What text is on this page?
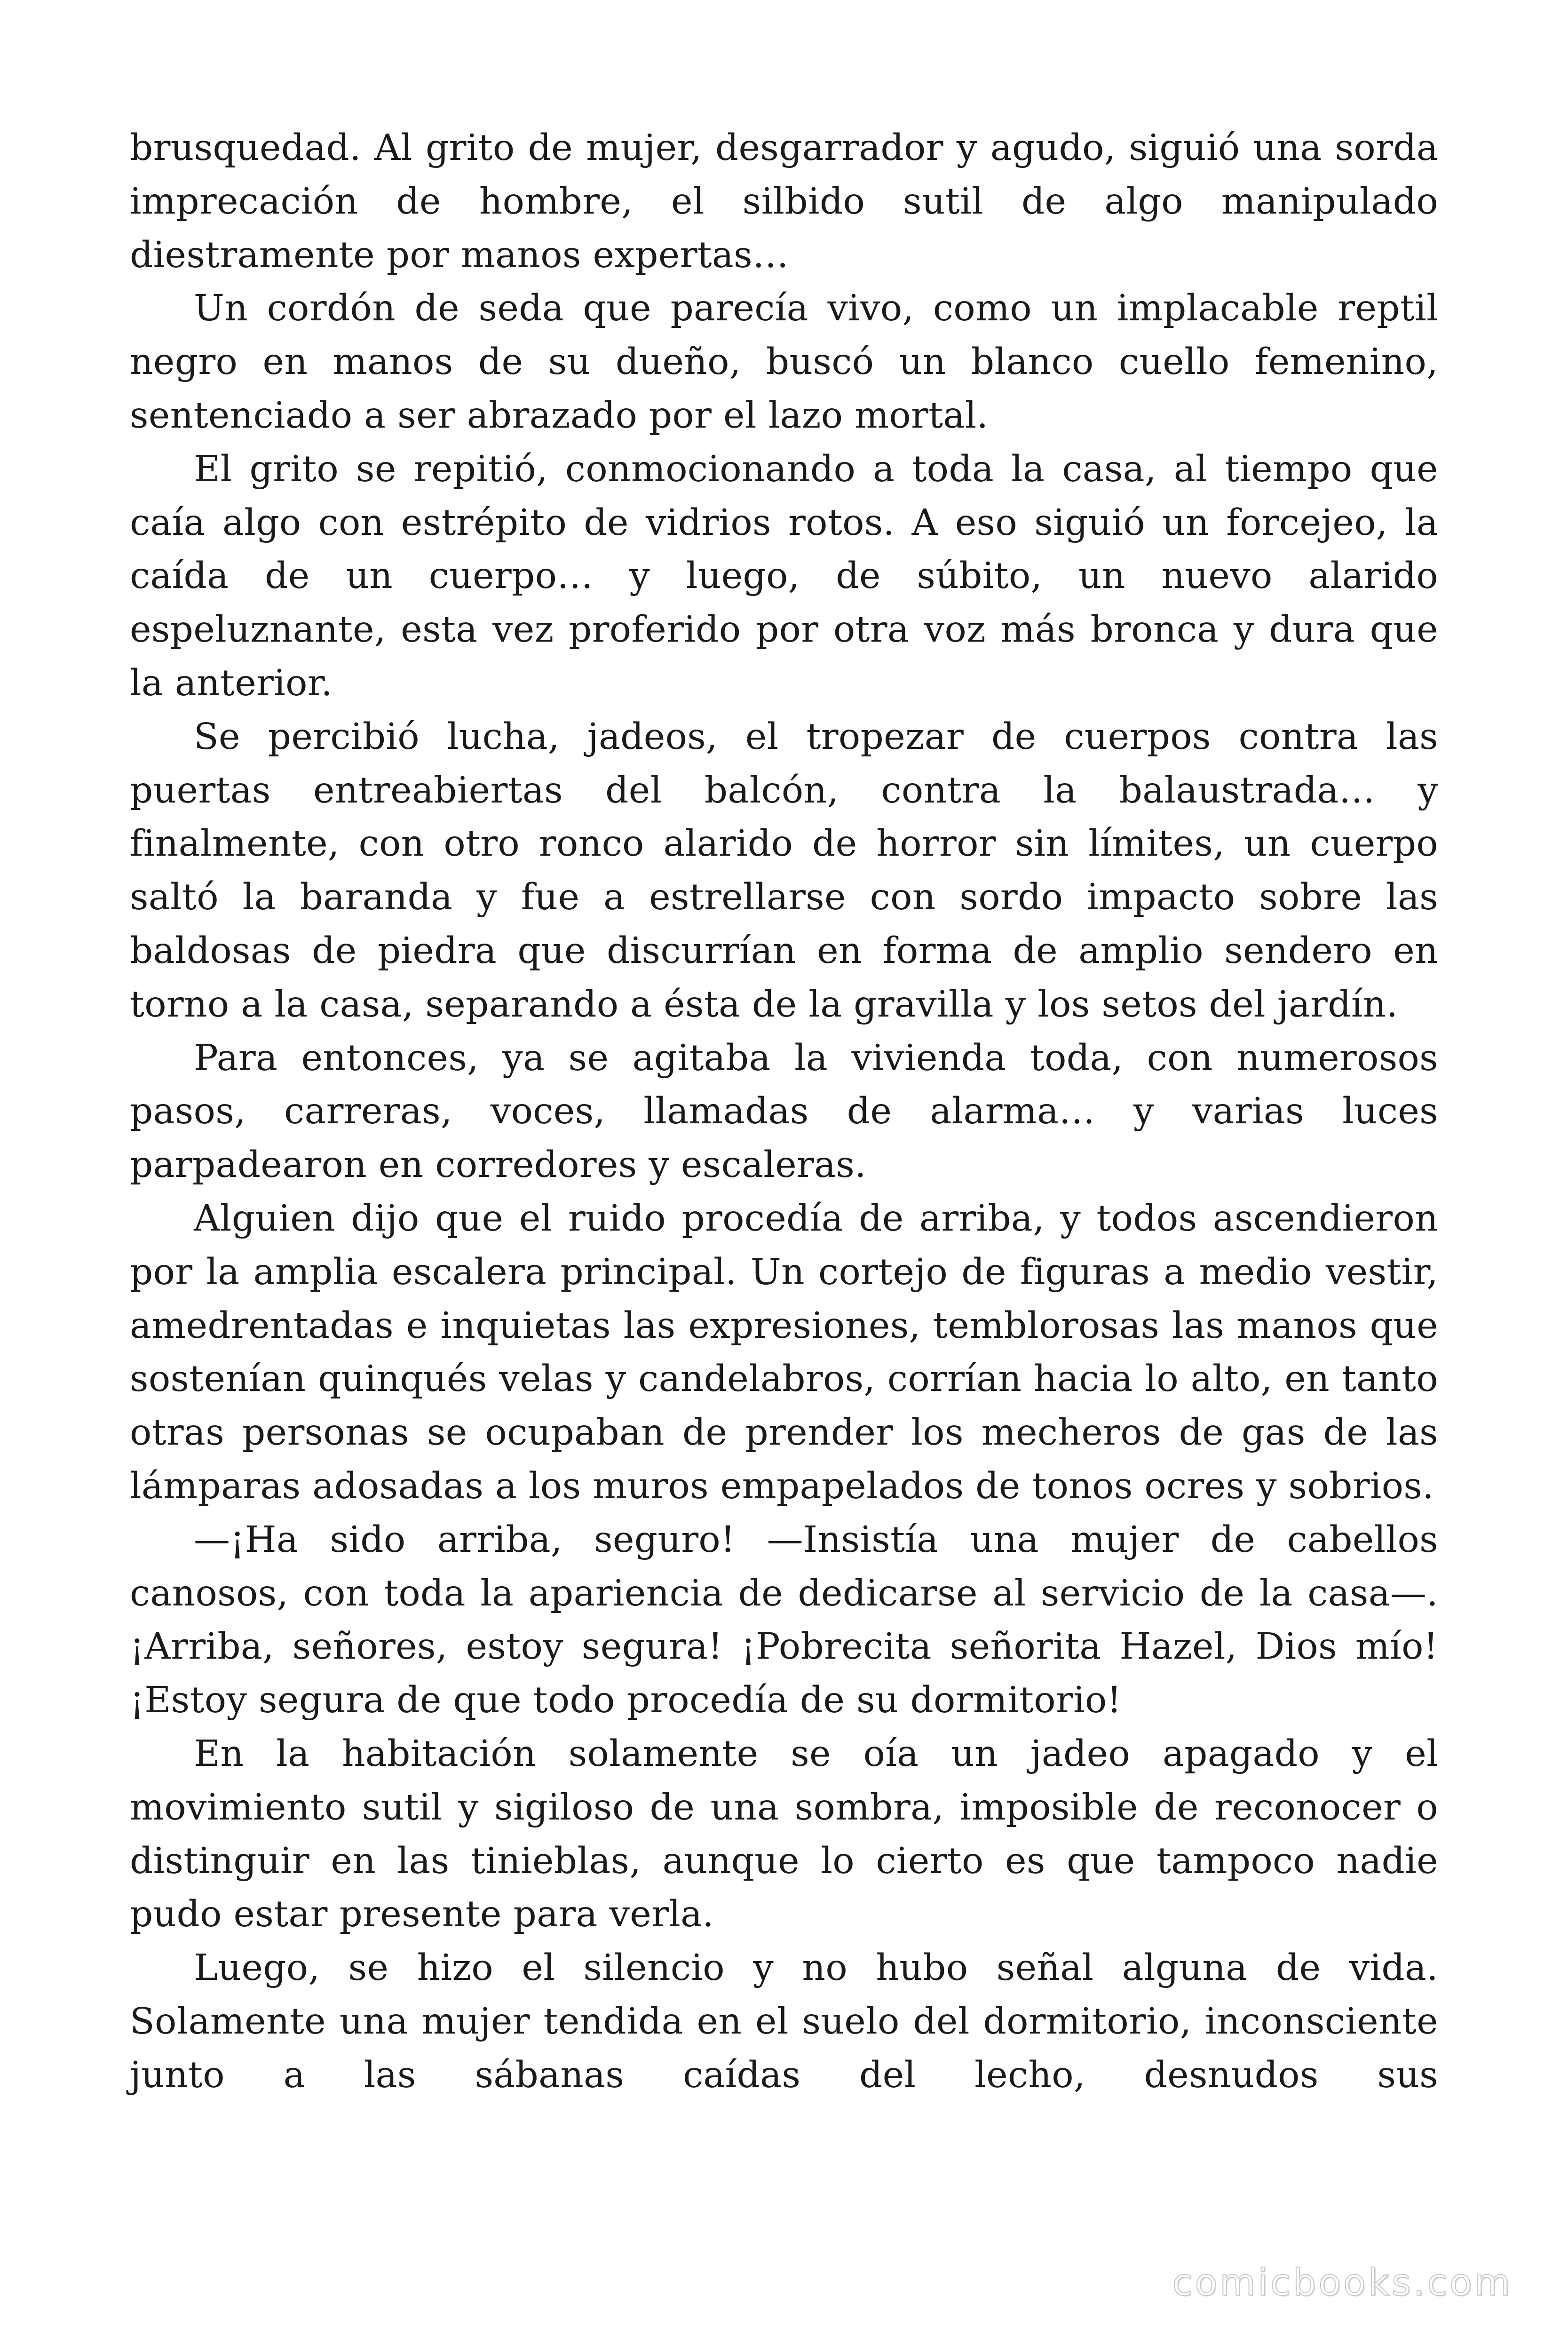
brusquedad. Al grito de mujer, desgarrador y agudo, siguió una sorda imprecación de hombre, el silbido sutil de algo manipulado diestramente por manos expertas…

Un cordón de seda que parecía vivo, como un implacable reptil negro en manos de su dueño, buscó un blanco cuello femenino, sentenciado a ser abrazado por el lazo mortal.

El grito se repitió, conmocionando a toda la casa, al tiempo que caía algo con estrépito de vidrios rotos. A eso siguió un forcejeo, la caída de un cuerpo… y luego, de súbito, un nuevo alarido espeluznante, esta vez proferido por otra voz más bronca y dura que la anterior.

Se percibió lucha, jadeos, el tropezar de cuerpos contra las puertas entreabiertas del balcón, contra la balaustrada… y finalmente, con otro ronco alarido de horror sin límites, un cuerpo saltó la baranda y fue a estrellarse con sordo impacto sobre las baldosas de piedra que discurrían en forma de amplio sendero en torno a la casa, separando a ésta de la gravilla y los setos del jardín.

Para entonces, ya se agitaba la vivienda toda, con numerosos pasos, carreras, voces, llamadas de alarma… y varias luces parpadearon en corredores y escaleras.

Alguien dijo que el ruido procedía de arriba, y todos ascendieron por la amplia escalera principal. Un cortejo de figuras a medio vestir, amedrentadas e inquietas las expresiones, temblorosas las manos que sostenían quinqués velas y candelabros, corrían hacia lo alto, en tanto otras personas se ocupaban de prender los mecheros de gas de las lámparas adosadas a los muros empapelados de tonos ocres y sobrios.

—¡Ha sido arriba, seguro! —Insistía una mujer de cabellos canosos, con toda la apariencia de dedicarse al servicio de la casa—. ¡Arriba, señores, estoy segura! ¡Pobrecita señorita Hazel, Dios mío! ¡Estoy segura de que todo procedía de su dormitorio!

En la habitación solamente se oía un jadeo apagado y el movimiento sutil y sigiloso de una sombra, imposible de reconocer o distinguir en las tinieblas, aunque lo cierto es que tampoco nadie pudo estar presente para verla.

Luego, se hizo el silencio y no hubo señal alguna de vida. Solamente una mujer tendida en el suelo del dormitorio, inconsciente junto a las sábanas caídas del lecho, desnudos sus

comicbooks.com
